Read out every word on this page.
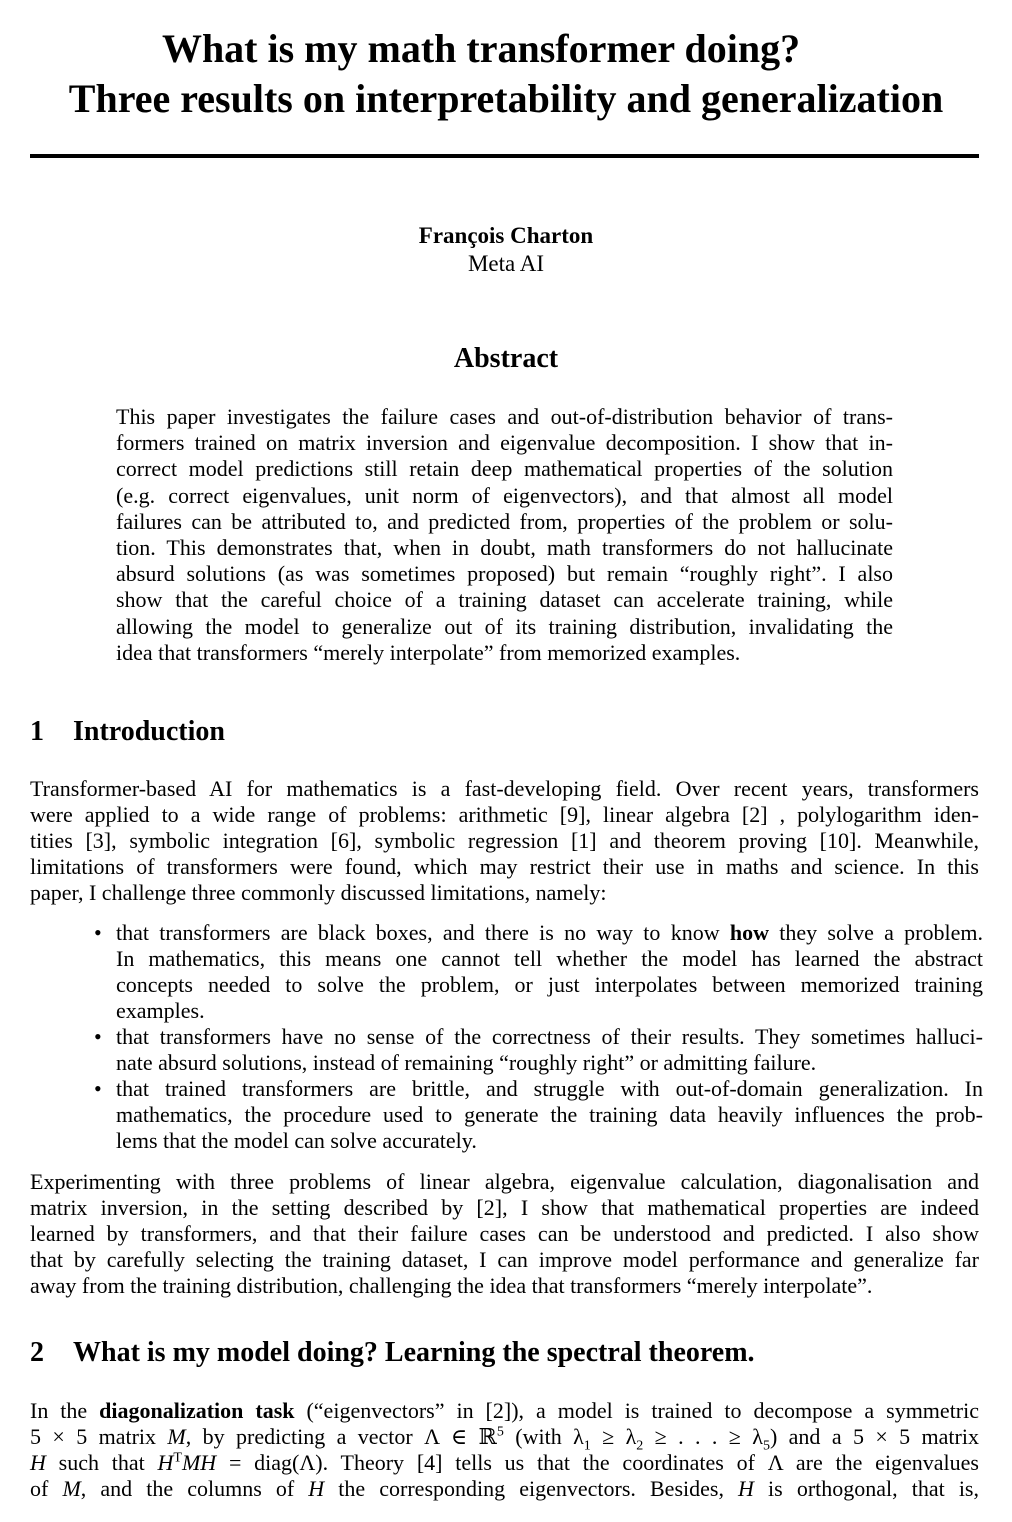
What is my math transformer doing?
Three results on interpretability and generalization
François Charton
Meta AI
Abstract
This paper investigates the failure cases and out-of-distribution behavior of trans-
formers trained on matrix inversion and eigenvalue decomposition. I show that in-
correct model predictions still retain deep mathematical properties of the solution
(e.g. correct eigenvalues, unit norm of eigenvectors), and that almost all model
failures can be attributed to, and predicted from, properties of the problem or solu-
tion. This demonstrates that, when in doubt, math transformers do not hallucinate
absurd solutions (as was sometimes proposed) but remain “roughly right”. I also
show that the careful choice of a training dataset can accelerate training, while
allowing the model to generalize out of its training distribution, invalidating the
idea that transformers “merely interpolate” from memorized examples.
1 Introduction
Transformer-based AI for mathematics is a fast-developing field. Over recent years, transformers
were applied to a wide range of problems: arithmetic [9], linear algebra [2] , polylogarithm iden-
tities [3], symbolic integration [6], symbolic regression [1] and theorem proving [10]. Meanwhile,
limitations of transformers were found, which may restrict their use in maths and science. In this
paper, I challenge three commonly discussed limitations, namely:
• that transformers are black boxes, and there is no way to know how they solve a problem.
In mathematics, this means one cannot tell whether the model has learned the abstract
concepts needed to solve the problem, or just interpolates between memorized training
examples.
• that transformers have no sense of the correctness of their results. They sometimes halluci-
nate absurd solutions, instead of remaining “roughly right” or admitting failure.
• that trained transformers are brittle, and struggle with out-of-domain generalization. In
mathematics, the procedure used to generate the training data heavily influences the prob-
lems that the model can solve accurately.
Experimenting with three problems of linear algebra, eigenvalue calculation, diagonalisation and
matrix inversion, in the setting described by [2], I show that mathematical properties are indeed
learned by transformers, and that their failure cases can be understood and predicted. I also show
that by carefully selecting the training dataset, I can improve model performance and generalize far
away from the training distribution, challenging the idea that transformers “merely interpolate”.
2 What is my model doing? Learning the spectral theorem.
In the diagonalization task (“eigenvectors” in [2]), a model is trained to decompose a symmetric
5 × 5 matrix M, by predicting a vector Λ ∈ ℝ$^5$ (with $\lambda_1 \ge \lambda_2$ ≥ . . . ≥ $\lambda_5$) and a 5 × 5 matrix
H such that $H^TMH$ = diag(Λ). Theory [4] tells us that the coordinates of Λ are the eigenvalues
of M, and the columns of H the corresponding eigenvectors. Besides, H is orthogonal, that is,
